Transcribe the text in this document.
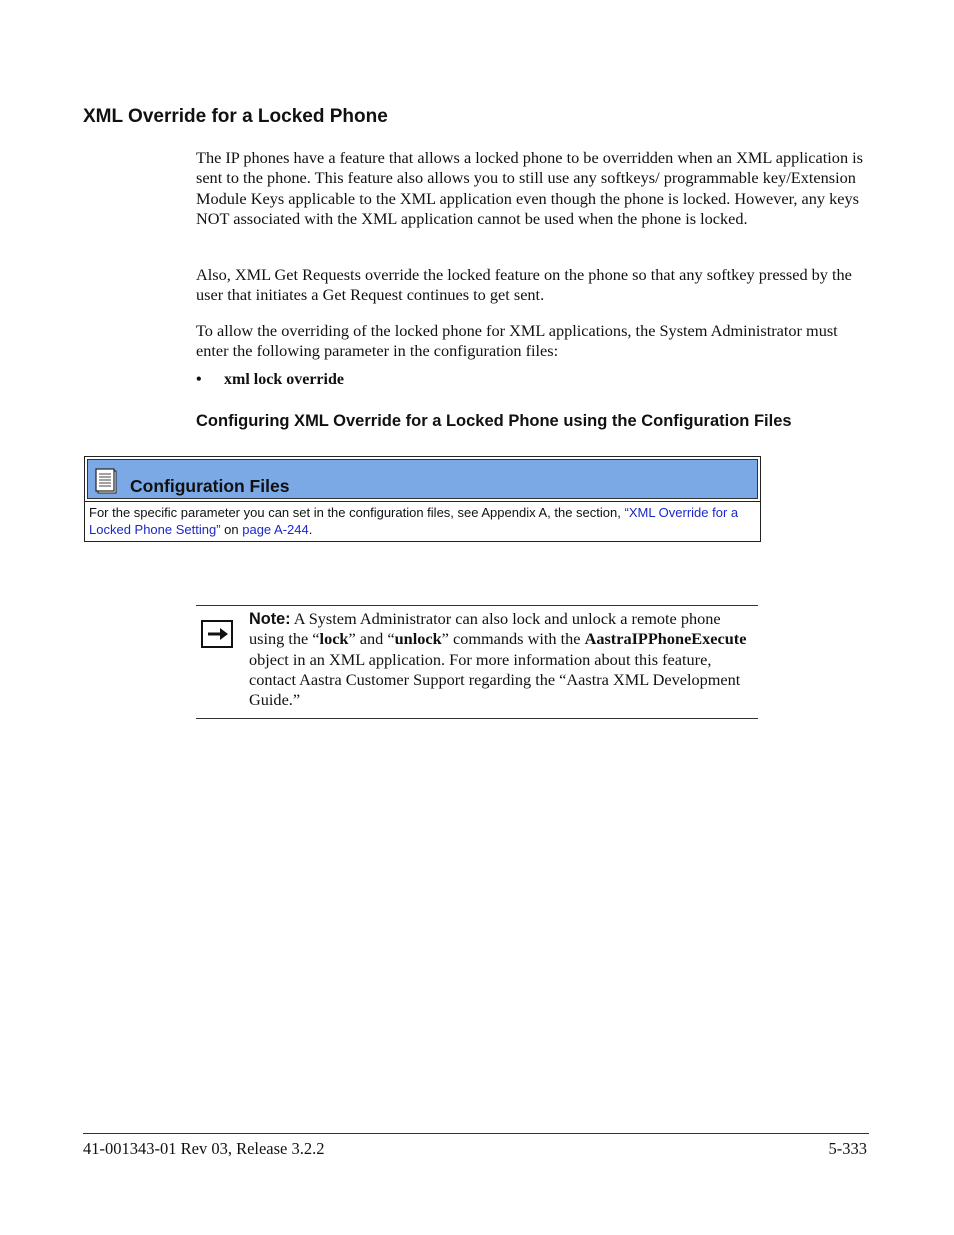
XML Override for a Locked Phone

The IP phones have a feature that allows a locked phone to be overridden when an XML application is sent to the phone. This feature also allows you to still use any softkeys/ programmable key/Extension Module Keys applicable to the XML application even though the phone is locked. However, any keys NOT associated with the XML application cannot be used when the phone is locked.

Also, XML Get Requests override the locked feature on the phone so that any softkey pressed by the user that initiates a Get Request continues to get sent.

To allow the overriding of the locked phone for XML applications, the System Administrator must enter the following parameter in the configuration files:

• xml lock override
Configuring XML Override for a Locked Phone using the Configuration Files
Configuration Files

For the specific parameter you can set in the configuration files, see Appendix A, the section, “XML Override for a Locked Phone Setting” on page A-244.

Note: A System Administrator can also lock and unlock a remote phone using the “lock” and “unlock” commands with the AastraIPPhoneExecute object in an XML application. For more information about this feature, contact Aastra Customer Support regarding the “Aastra XML Development Guide.”

41-001343-01 Rev 03, Release 3.2.2	5-333
